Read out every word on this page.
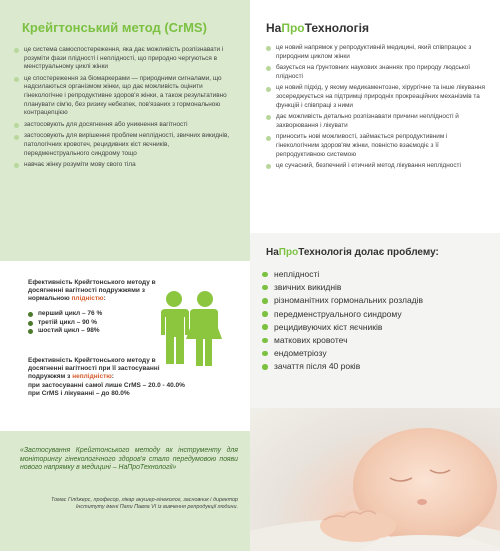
Крейгтонський метод (CrMS)
це система самоспостереження, яка дає можливість розпізнавати і розуміти фази плідності і неплідності, що природно чергуються в менструальному циклі жінки
це спостереження за біомаркерами — природними сигналами, що надсилаються організмом жінки, що дає можливість оцінити гінекологічне і репродуктивне здоров'я жінки, а також результативно планувати сім'ю, без ризику небезпек, пов'язаних з гормональною контрацепцією
застосовують для досягнення або уникнення вагітності
застосовують для вирішення проблем неплідності, звичних викиднів, патологічних кровотеч, рецидивних кіст яєчників, передменструального синдрому тощо
навчає жінку розуміти мову свого тіла
Ефективність Крейгтонського методу в досягненні вагітності подружжями з нормальною плідністю:
перший цикл – 76 %
третій цикл – 90 %
шостий цикл – 98%
Ефективність Крейгтонського методу в досягненні вагітності при її застосуванні подружжям з неплідністю:
при застосуванні самої лише CrMS – 20.0 - 40.0%
при CrMS і лікуванні – до 80.0%
«Застосування Крейгтонського методу як інструменту для моніторингу гінекологічного здоров'я стало передумовою появи нового напрямку в медицині – НаПроТехнології»
Томас Гілджерс, професор, лікар акушер-гінеколог, засновник і директор Інституту імені Папи Павла VI із вивчення репродукції людини.
НаПроТехнологія
це новий напрямок у репродуктивній медицині, який співпрацює з природним циклом жінки
базується на ґрунтовних наукових знаннях про природу людської плідності
це новий підхід, у якому медикаментозне, хірургічне та інше лікування зосереджується на підтримці природніх прокреаційних механізмів та функцій і співпраці з ними
дає можливість детально розпізнавати причини неплідності й захворювання і лікувати
приносить нові можливості, займається репродуктивним і гінекологічним здоров'ям жінки, повністю взаємодіє з її репродуктивною системою
це сучасний, безпечний і етичний метод лікування неплідності
НаПроТехнологія долає проблему:
неплідності
звичних викиднів
різноманітних гормональних розладів
передменструального синдрому
рецидивуючих кіст яєчників
маткових кровотеч
ендометріозу
зачаття після 40 років
